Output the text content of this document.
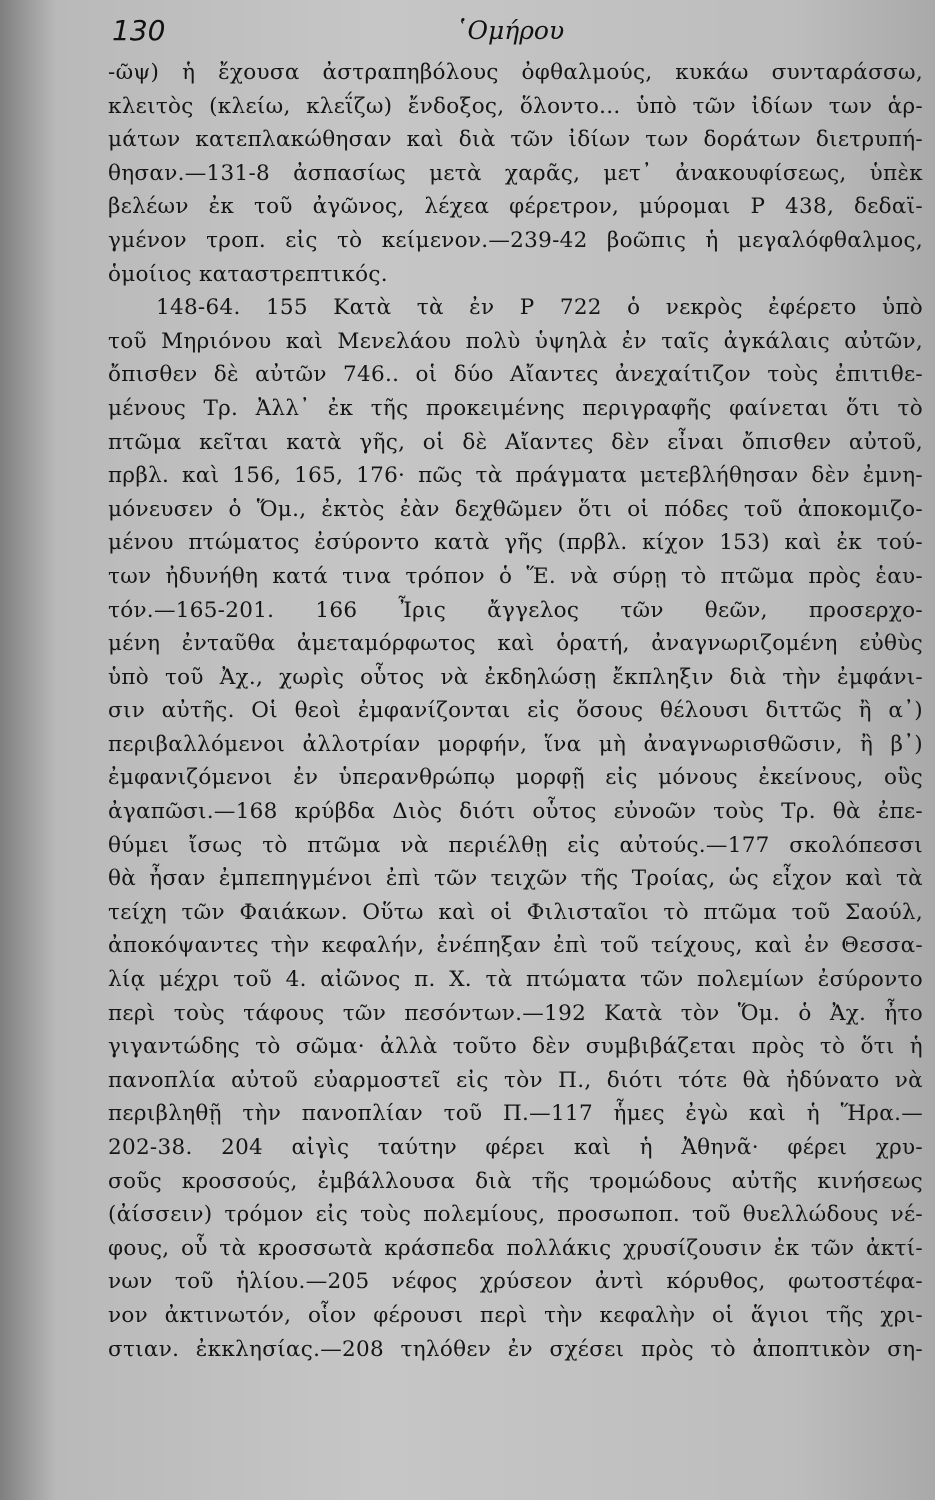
130	῾Ομήρου
-ῶψ) ἡ ἔχουσα ἀστραπηβόλους ὀφθαλμούς, κυκάω συνταράσσω,
κλειτὸς (κλείω, κλεΐζω) ἔνδοξος, ὅλοντο... ὑπὸ τῶν ἰδίων των ἁρ-
μάτων κατεπλακώθησαν καὶ διὰ τῶν ἰδίων των δοράτων διετρυπή-
θησαν.—131-8 ἀσπασίως μετὰ χαρᾶς, μετ᾽ ἀνακουφίσεως, ὑπὲκ
βελέων ἐκ τοῦ ἀγῶνος, λέχεα φέρετρον, μύρομαι Ρ 438, δεδαϊ-
γμένον τροπ. εἰς τὸ κείμενον.—239-42 βοῶπις ἡ μεγαλόφθαλμος,
ὁμοίιος καταστρεπτικός.
148-64. 155 Κατὰ τὰ ἐν Ρ 722 ὁ νεκρὸς ἐφέρετο ὑπὸ
τοῦ Μηριόνου καὶ Μενελάου πολὺ ὑψηλὰ ἐν ταῖς ἀγκάλαις αὐτῶν,
ὄπισθεν δὲ αὐτῶν 746.. οἱ δύο Αἴαντες ἀνεχαίτιζον τοὺς ἐπιτιθε-
μένους Τρ. Ἀλλ᾽ ἐκ τῆς προκειμένης περιγραφῆς φαίνεται ὅτι τὸ
πτῶμα κεῖται κατὰ γῆς, οἱ δὲ Αἴαντες δὲν εἶναι ὄπισθεν αὐτοῦ,
πρβλ. καὶ 156, 165, 176· πῶς τὰ πράγματα μετεβλήθησαν δὲν ἐμνη-
μόνευσεν ὁ Ὅμ., ἐκτὸς ἐὰν δεχθῶμεν ὅτι οἱ πόδες τοῦ ἀποκομιζο-
μένου πτώματος ἐσύροντο κατὰ γῆς (πρβλ. κίχον 153) καὶ ἐκ τού-
των ἠδυνήθη κατά τινα τρόπον ὁ Ἕ. νὰ σύρῃ τὸ πτῶμα πρὸς ἑαυ-
τόν.—165-201. 166 Ἶρις ἄγγελος τῶν θεῶν, προσερχο-
μένη ἐνταῦθα ἀμεταμόρφωτος καὶ ὁρατή, ἀναγνωριζομένη εὐθὺς
ὑπὸ τοῦ Ἀχ., χωρὶς οὗτος νὰ ἐκδηλώσῃ ἔκπληξιν διὰ τὴν ἐμφάνι-
σιν αὐτῆς. Οἱ θεοὶ ἐμφανίζονται εἰς ὅσους θέλουσι διττῶς ἢ α᾽)
περιβαλλόμενοι ἀλλοτρίαν μορφήν, ἵνα μὴ ἀναγνωρισθῶσιν, ἢ β᾽)
ἐμφανιζόμενοι ἐν ὑπερανθρώπῳ μορφῇ εἰς μόνους ἐκείνους, οὓς
ἀγαπῶσι.—168 κρύβδα Διὸς διότι οὗτος εὐνοῶν τοὺς Τρ. θὰ ἐπε-
θύμει ἴσως τὸ πτῶμα νὰ περιέλθῃ εἰς αὐτούς.—177 σκολόπεσσι
θὰ ἦσαν ἐμπεπηγμένοι ἐπὶ τῶν τειχῶν τῆς Τροίας, ὡς εἶχον καὶ τὰ
τείχη τῶν Φαιάκων. Οὕτω καὶ οἱ Φιλισταῖοι τὸ πτῶμα τοῦ Σαούλ,
ἀποκόψαντες τὴν κεφαλήν, ἐνέπηξαν ἐπὶ τοῦ τείχους, καὶ ἐν Θεσσα-
λίᾳ μέχρι τοῦ 4. αἰῶνος π. Χ. τὰ πτώματα τῶν πολεμίων ἐσύροντο
περὶ τοὺς τάφους τῶν πεσόντων.—192 Κατὰ τὸν Ὅμ. ὁ Ἀχ. ἦτο
γιγαντώδης τὸ σῶμα· ἀλλὰ τοῦτο δὲν συμβιβάζεται πρὸς τὸ ὅτι ἡ
πανοπλία αὐτοῦ εὐαρμοστεῖ εἰς τὸν Π., διότι τότε θὰ ἠδύνατο νὰ
περιβληθῇ τὴν πανοπλίαν τοῦ Π.—117 ἧμες ἐγὼ καὶ ἡ Ἥρα.—
202-38. 204 αἰγὶς ταύτην φέρει καὶ ἡ Ἀθηνᾶ· φέρει χρυ-
σοῦς κροσσούς, ἐμβάλλουσα διὰ τῆς τρομώδους αὐτῆς κινήσεως
(ἀίσσειν) τρόμον εἰς τοὺς πολεμίους, προσωποπ. τοῦ θυελλώδους νέ-
φους, οὗ τὰ κροσσωτὰ κράσπεδα πολλάκις χρυσίζουσιν ἐκ τῶν ἀκτί-
νων τοῦ ἡλίου.—205 νέφος χρύσεον ἀντὶ κόρυθος, φωτοστέφα-
νον ἀκτινωτόν, οἷον φέρουσι περὶ τὴν κεφαλὴν οἱ ἅγιοι τῆς χρι-
στιαν. ἐκκλησίας.—208 τηλόθεν ἐν σχέσει πρὸς τὸ ἀποπτικὸν ση-
